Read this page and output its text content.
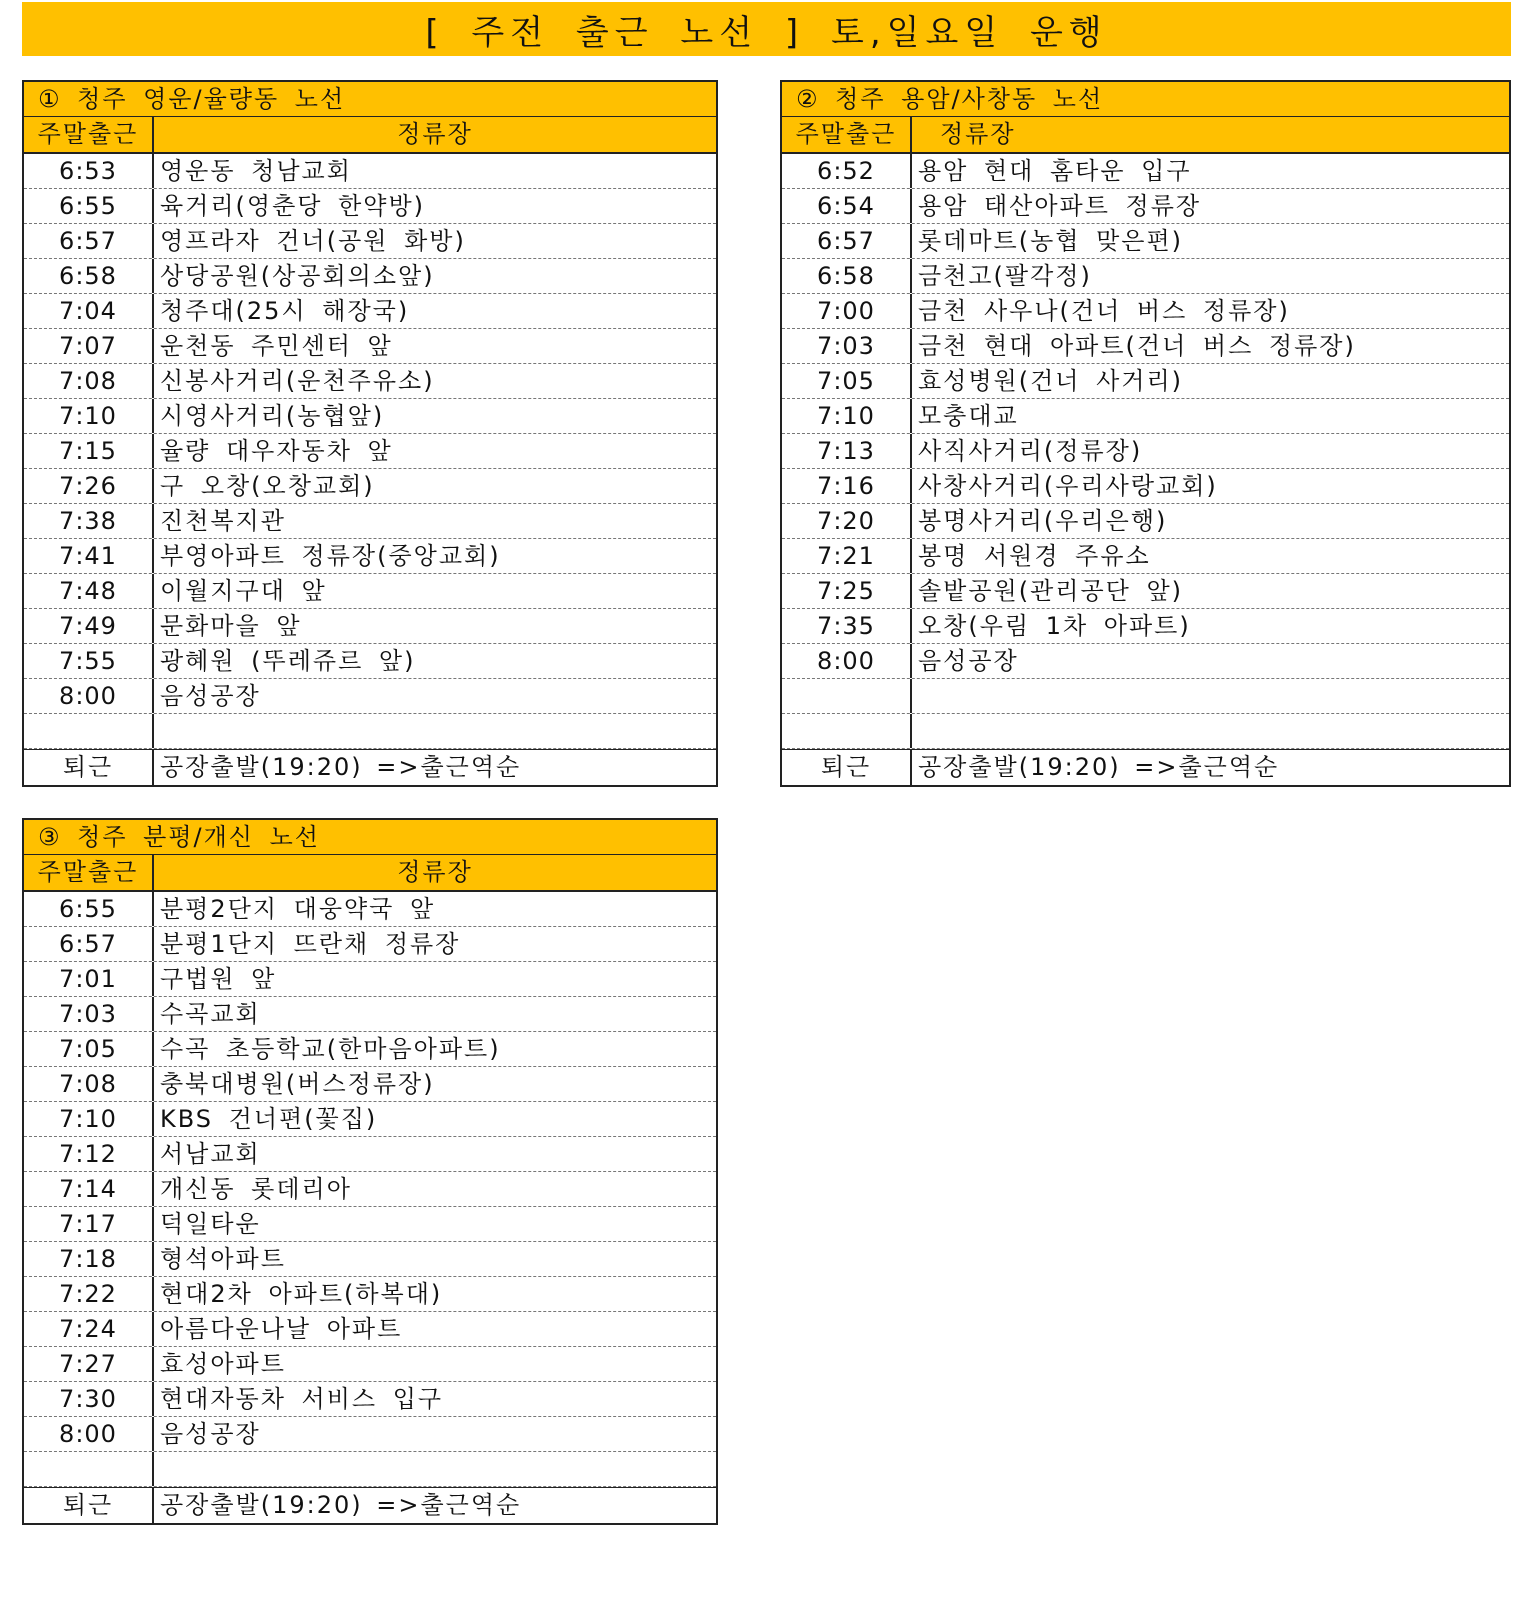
[ 주전 출근 노선 ] 토,일요일 운행
① 청주 영운/율량동 노선
주말출근	정류장
6:53	영운동 청남교회
6:55	육거리(영춘당 한약방)
6:57	영프라자 건너(공원 화방)
6:58	상당공원(상공회의소앞)
7:04	청주대(25시 해장국)
7:07	운천동 주민센터 앞
7:08	신봉사거리(운천주유소)
7:10	시영사거리(농협앞)
7:15	율량 대우자동차 앞
7:26	구 오창(오창교회)
7:38	진천복지관
7:41	부영아파트 정류장(중앙교회)
7:48	이월지구대 앞
7:49	문화마을 앞
7:55	광혜원 (뚜레쥬르 앞)
8:00	음성공장
퇴근	공장출발(19:20) =>출근역순
② 청주 용암/사창동 노선
주말출근	정류장
6:52	용암 현대 홈타운 입구
6:54	용암 태산아파트 정류장
6:57	롯데마트(농협 맞은편)
6:58	금천고(팔각정)
7:00	금천 사우나(건너 버스 정류장)
7:03	금천 현대 아파트(건너 버스 정류장)
7:05	효성병원(건너 사거리)
7:10	모충대교
7:13	사직사거리(정류장)
7:16	사창사거리(우리사랑교회)
7:20	봉명사거리(우리은행)
7:21	봉명 서원경 주유소
7:25	솔밭공원(관리공단 앞)
7:35	오창(우림 1차 아파트)
8:00	음성공장
퇴근	공장출발(19:20) =>출근역순
③ 청주 분평/개신 노선
주말출근	정류장
6:55	분평2단지 대웅약국 앞
6:57	분평1단지 뜨란채 정류장
7:01	구법원 앞
7:03	수곡교회
7:05	수곡 초등학교(한마음아파트)
7:08	충북대병원(버스정류장)
7:10	KBS 건너편(꽃집)
7:12	서남교회
7:14	개신동 롯데리아
7:17	덕일타운
7:18	형석아파트
7:22	현대2차 아파트(하복대)
7:24	아름다운나날 아파트
7:27	효성아파트
7:30	현대자동차 서비스 입구
8:00	음성공장
퇴근	공장출발(19:20) =>출근역순
